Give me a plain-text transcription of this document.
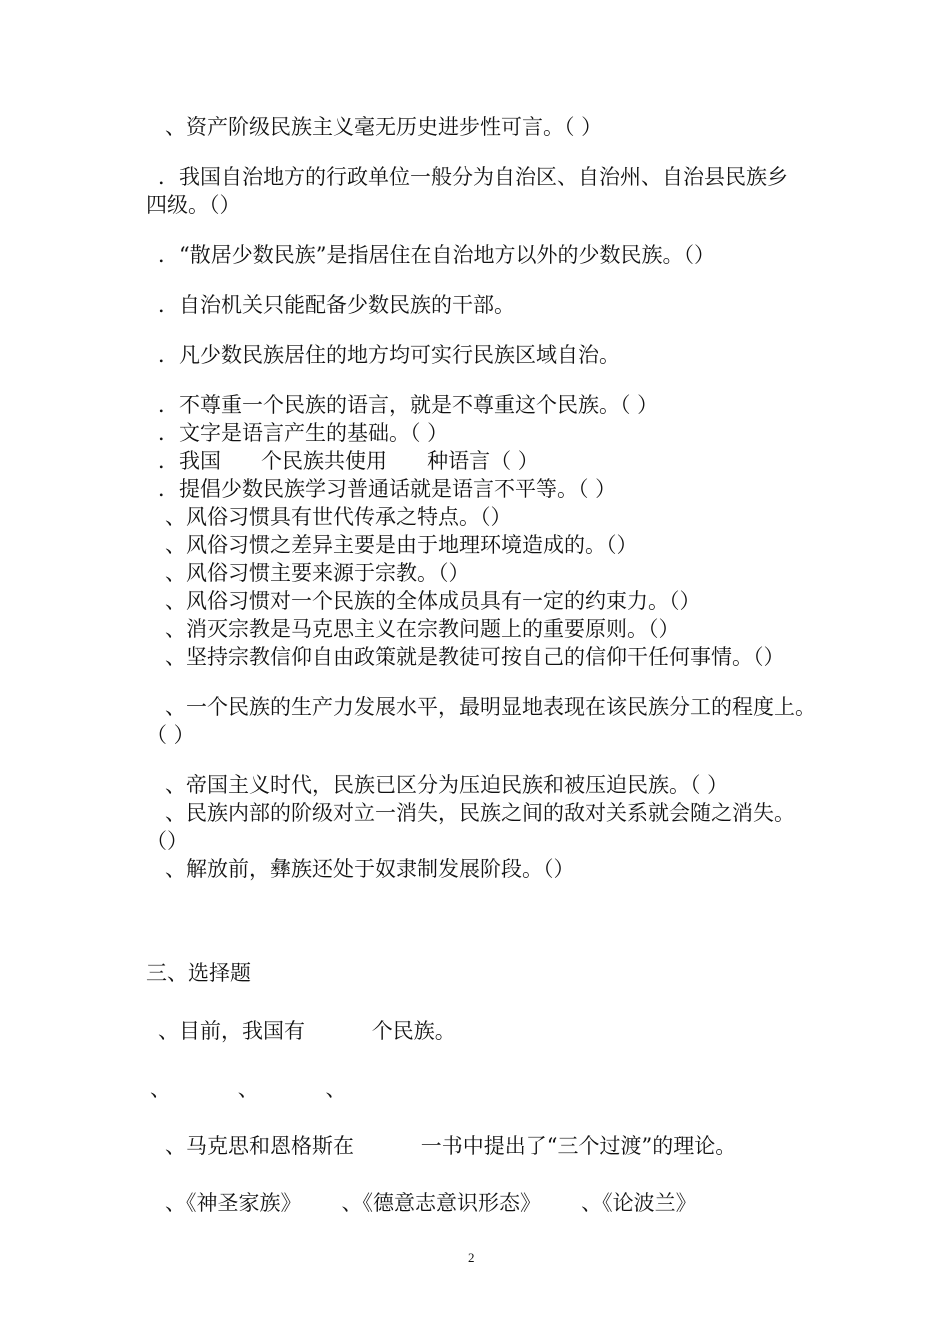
、资产阶级民族主义毫无历史进步性可言。（ ）
．我国自治地方的行政单位一般分为自治区、自治州、自治县民族乡
四级。（）
．“散居少数民族”是指居住在自治地方以外的少数民族。（）
．自治机关只能配备少数民族的干部。
．凡少数民族居住的地方均可实行民族区域自治。
．不尊重一个民族的语言，就是不尊重这个民族。（ ）
．文字是语言产生的基础。（ ）
．我国      个民族共使用      种语言（ ）
．提倡少数民族学习普通话就是语言不平等。（ ）
、风俗习惯具有世代传承之特点。（）
、风俗习惯之差异主要是由于地理环境造成的。（）
、风俗习惯主要来源于宗教。（）
、风俗习惯对一个民族的全体成员具有一定的约束力。（）
、消灭宗教是马克思主义在宗教问题上的重要原则。（）
、坚持宗教信仰自由政策就是教徒可按自己的信仰干任何事情。（）
、一个民族的生产力发展水平，最明显地表现在该民族分工的程度上。
（ ）
、帝国主义时代，民族已区分为压迫民族和被压迫民族。（ ）
、民族内部的阶级对立一消失，民族之间的敌对关系就会随之消失。
（）
、解放前，彝族还处于奴隶制发展阶段。（）
三、选择题
、目前，我国有          个民族。
、          、          、
、马克思和恩格斯在          一书中提出了“三个过渡”的理论。
、《神圣家族》      、《德意志意识形态》      、《论波兰》
2
